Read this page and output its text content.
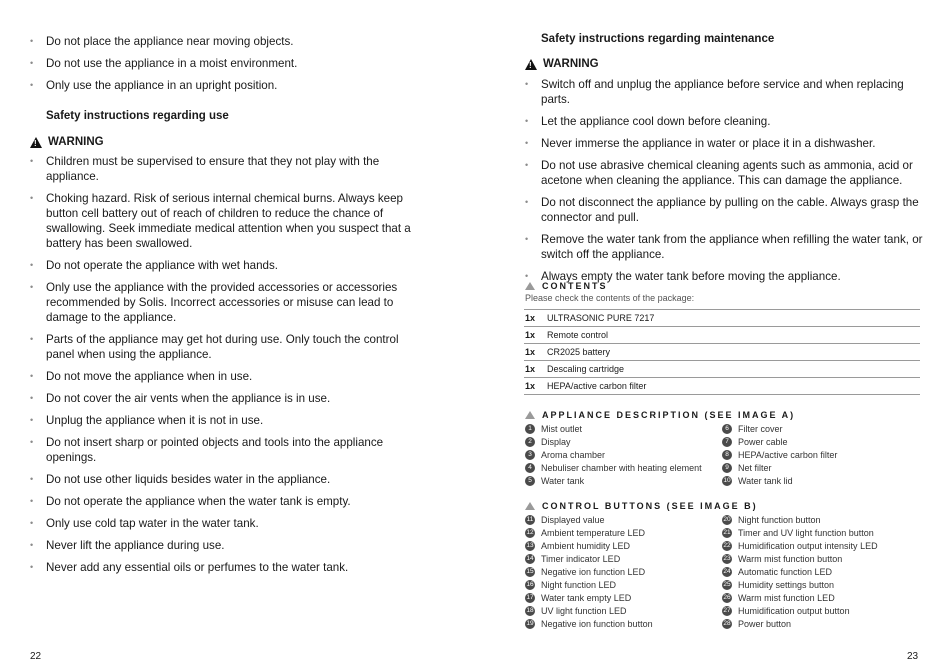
• Do not place the appliance near moving objects.
• Do not use the appliance in a moist environment.
• Only use the appliance in an upright position.

Safety instructions regarding use

! WARNING
• Children must be supervised to ensure that they not play with the appliance.
• Choking hazard. Risk of serious internal chemical burns. Always keep button cell battery out of reach of children to reduce the chance of swallowing. Seek immediate medical attention when you suspect that a battery has been swallowed.
• Do not operate the appliance with wet hands.
• Only use the appliance with the provided accessories or accessories recommended by Solis. Incorrect accessories or misuse can lead to damage to the appliance.
• Parts of the appliance may get hot during use. Only touch the control panel when using the appliance.
• Do not move the appliance when in use.
• Do not cover the air vents when the appliance is in use.
• Unplug the appliance when it is not in use.
• Do not insert sharp or pointed objects and tools into the appliance openings.
• Do not use other liquids besides water in the appliance.
• Do not operate the appliance when the water tank is empty.
• Only use cold tap water in the water tank.
• Never lift the appliance during use.
• Never add any essential oils or perfumes to the water tank.
22

Safety instructions regarding maintenance

! WARNING
• Switch off and unplug the appliance before service and when replacing parts.
• Let the appliance cool down before cleaning.
• Never immerse the appliance in water or place it in a dishwasher.
• Do not use abrasive chemical cleaning agents such as ammonia, acid or acetone when cleaning the appliance. This can damage the appliance.
• Do not disconnect the appliance by pulling on the cable. Always grasp the connector and pull.
• Remove the water tank from the appliance when refilling the water tank, or switch off the appliance.
• Always empty the water tank before moving the appliance.
CONTENTS
Please check the contents of the package:
1x	ULTRASONIC PURE 7217
1x	Remote control
1x	CR2025 battery
1x	Descaling cartridge
1x	HEPA/active carbon filter
APPLIANCE DESCRIPTION (SEE IMAGE A)
1	Mist outlet
2	Display
3	Aroma chamber
4	Nebuliser chamber with heating element
5	Water tank
6	Filter cover
7	Power cable
8	HEPA/active carbon filter
9	Net filter
10 Water tank lid
CONTROL BUTTONS (SEE IMAGE B)
11 Displayed value
12 Ambient temperature LED
13 Ambient humidity LED
14 Timer indicator LED
15 Negative ion function LED
16 Night function LED
17 Water tank empty LED
18 UV light function LED
19 Negative ion function button
20 Night function button
21 Timer and UV light function button
22 Humidification output intensity LED
23 Warm mist function button
24 Automatic function LED
25 Humidity settings button
26 Warm mist function LED
27 Humidification output button
28 Power button
23
